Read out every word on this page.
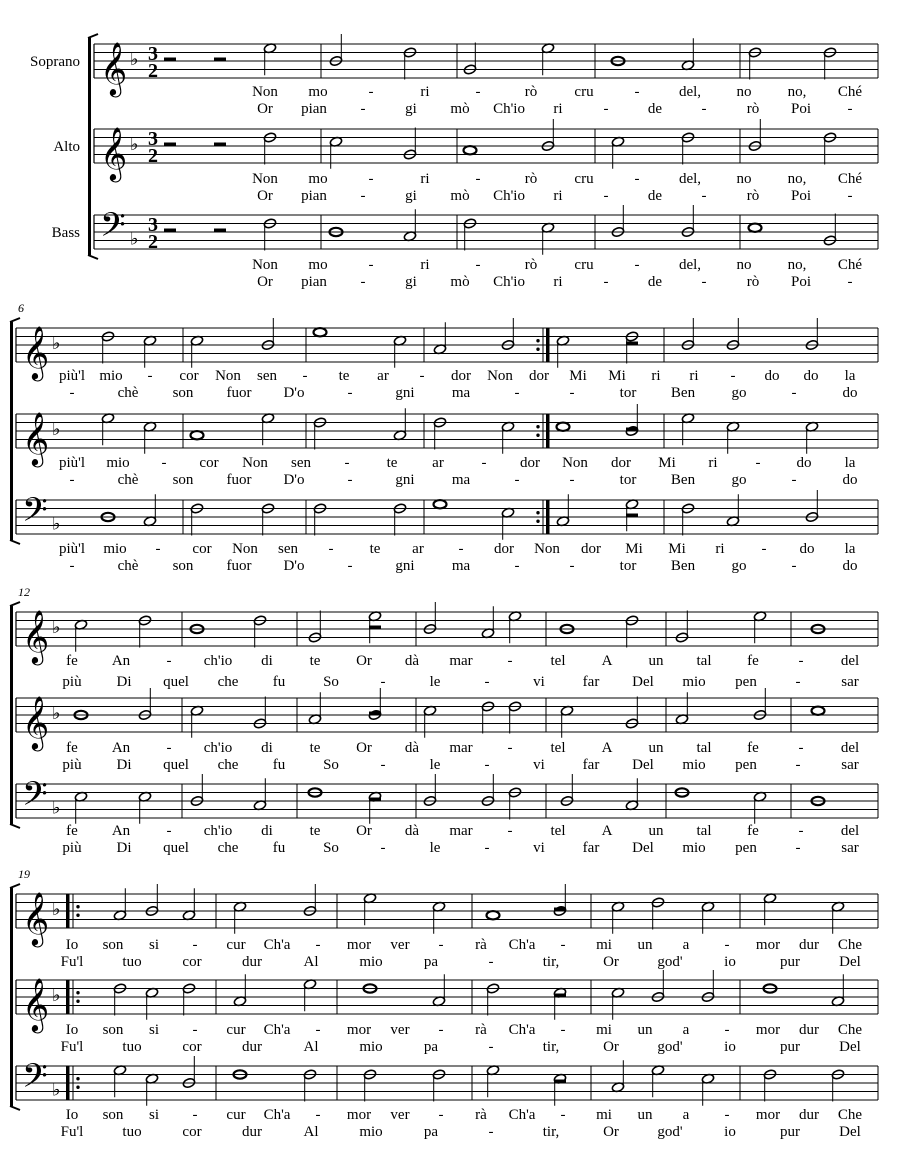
Soprano 𝄞 ♭ 3
2
Alto 𝄞 ♭ 3
2
Bass 𝄢 ♭
3
2
Non mo	-	ri	-	rò cru	-	del, no no, Ché
Or pian -	gi mò Ch'io ri	-	de	-	rò Poi -
Non mo	-	ri	-	rò cru	-	del, no no, Ché
Or pian -	gi mò Ch'io ri	-	de	-	rò Poi -
Non mo	-	ri	-	rò cru	-	del, no no, Ché
Or pian -	gi mò Ch'io ri	-	de	-	rò Poi -
6
𝄞 ♭
𝄞 ♭
𝄢 ♭
più'l mio - cor Non sen - te ar - dor Non dor Mi Mi ri ri - do do la
-	chè son fuor D'o	-	gni ma	-	-	tor Ben go	-	do
più'l mio - cor Non sen - te ar	- dor Non dor Mi ri	- do la
-	chè son fuor D'o	-	gni ma	-	-	tor Ben go	-	do
più'l mio - cor Non sen - te ar - dor Non dor Mi Mi ri - do la
-	chè son fuor D'o	-	gni ma	-	-	tor Ben go	-	do
12
𝄞 ♭
𝄞 ♭
𝄢 ♭
fe An - ch'io di te Or dà mar -	tel A un tal fe	- del
più Di quel che fu	So	-	le	-	vi	far Del mio pen	-	sar
fe An - ch'io di te Or dà mar -	tel A un tal fe	- del
più Di quel che fu	So	-	le	-	vi	far Del mio pen	-	sar
fe An - ch'io di te Or dà mar -	tel A un tal fe	- del
più Di quel che fu	So	-	le	-	vi	far Del mio pen	-	sar
19
𝄞 ♭
𝄞 ♭
𝄢 ♭
Io son si - cur Ch'a - mor ver - rà Ch'a - mi un a - mor dur Che
Fu'l	tuo	cor	dur	Al	mio	pa	-	tir,	Or	god'	io	pur	Del
Io son si - cur Ch'a - mor ver - rà Ch'a - mi un a - mor dur Che
Fu'l	tuo	cor	dur	Al	mio	pa	-	tir,	Or	god'	io	pur	Del
Io son si - cur Ch'a - mor ver - rà Ch'a - mi un a - mor dur Che
Fu'l	tuo	cor	dur	Al	mio	pa	-	tir,	Or	god'	io	pur	Del
